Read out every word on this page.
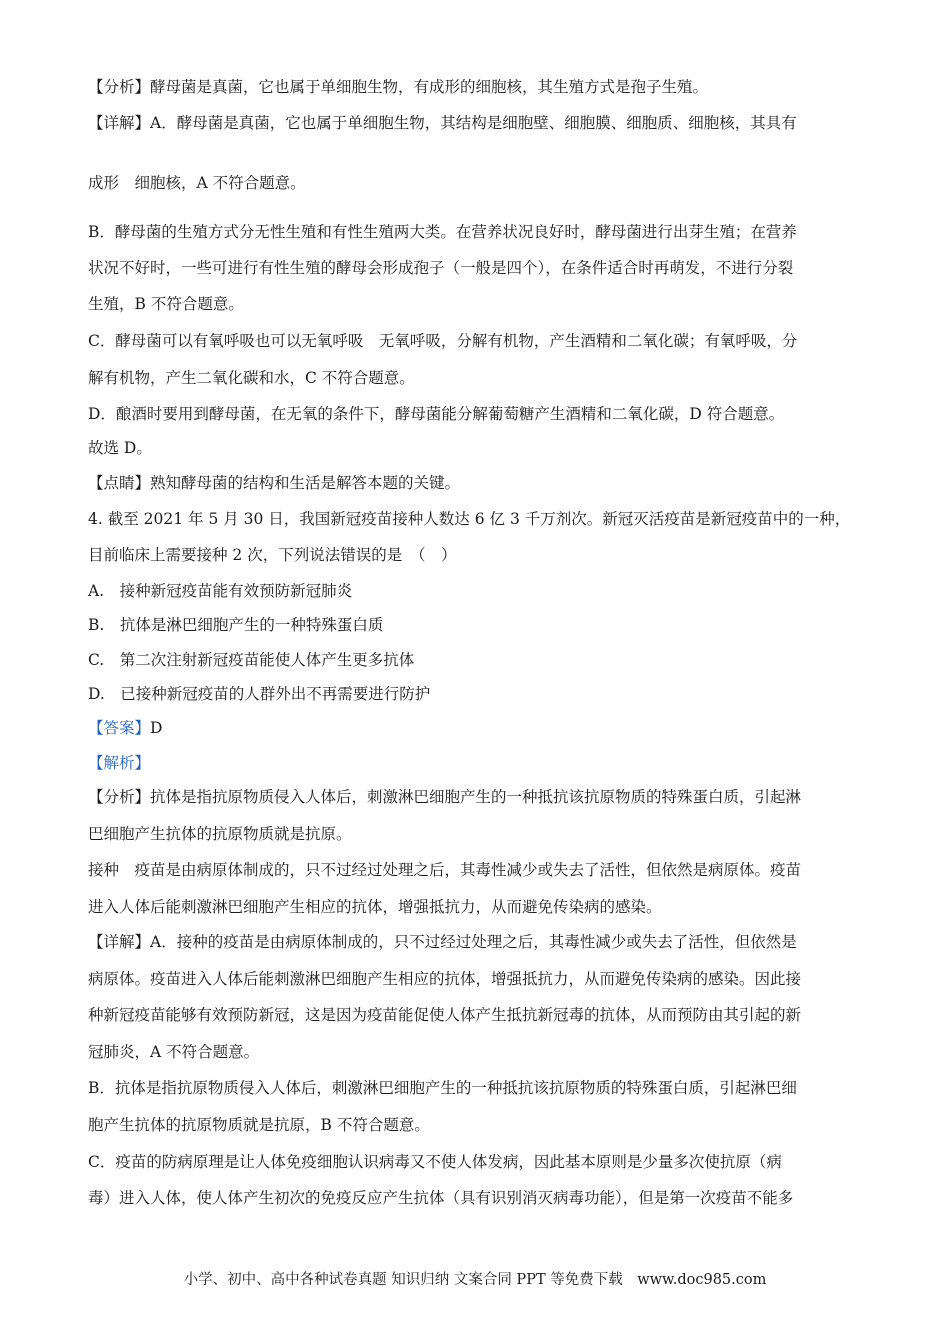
【分析】酵母菌是真菌，它也属于单细胞生物，有成形的细胞核，其生殖方式是孢子生殖。
【详解】A．酵母菌是真菌，它也属于单细胞生物，其结构是细胞壁、细胞膜、细胞质、细胞核，其具有
成形　细胞核，A 不符合题意。
B．酵母菌的生殖方式分无性生殖和有性生殖两大类。在营养状况良好时，酵母菌进行出芽生殖；在营养
状况不好时，一些可进行有性生殖的酵母会形成孢子（一般是四个），在条件适合时再萌发，不进行分裂
生殖，B 不符合题意。
C．酵母菌可以有氧呼吸也可以无氧呼吸　无氧呼吸，分解有机物，产生酒精和二氧化碳；有氧呼吸，分
解有机物，产生二氧化碳和水，C 不符合题意。
D．酿酒时要用到酵母菌，在无氧的条件下，酵母菌能分解葡萄糖产生酒精和二氧化碳，D 符合题意。
故选 D。
【点睛】熟知酵母菌的结构和生活是解答本题的关键。
4. 截至 2021 年 5 月 30 日，我国新冠疫苗接种人数达 6 亿 3 千万剂次。新冠灭活疫苗是新冠疫苗中的一种，
目前临床上需要接种 2 次，下列说法错误的是　（　）
A.　接种新冠疫苗能有效预防新冠肺炎
B.　抗体是淋巴细胞产生的一种特殊蛋白质
C.　第二次注射新冠疫苗能使人体产生更多抗体
D.　已接种新冠疫苗的人群外出不再需要进行防护
【答案】D
【解析】
【分析】抗体是指抗原物质侵入人体后，刺激淋巴细胞产生的一种抵抗该抗原物质的特殊蛋白质，引起淋
巴细胞产生抗体的抗原物质就是抗原。
接种　疫苗是由病原体制成的，只不过经过处理之后，其毒性减少或失去了活性，但依然是病原体。疫苗
进入人体后能刺激淋巴细胞产生相应的抗体，增强抵抗力，从而避免传染病的感染。
【详解】A．接种的疫苗是由病原体制成的，只不过经过处理之后，其毒性减少或失去了活性，但依然是
病原体。疫苗进入人体后能刺激淋巴细胞产生相应的抗体，增强抵抗力，从而避免传染病的感染。因此接
种新冠疫苗能够有效预防新冠，这是因为疫苗能促使人体产生抵抗新冠毒的抗体，从而预防由其引起的新
冠肺炎，A 不符合题意。
B．抗体是指抗原物质侵入人体后，刺激淋巴细胞产生的一种抵抗该抗原物质的特殊蛋白质，引起淋巴细
胞产生抗体的抗原物质就是抗原，B 不符合题意。
C．疫苗的防病原理是让人体免疫细胞认识病毒又不使人体发病，因此基本原则是少量多次使抗原（病
毒）进入人体，使人体产生初次的免疫反应产生抗体（具有识别消灭病毒功能），但是第一次疫苗不能多
小学、初中、高中各种试卷真题 知识归纳 文案合同 PPT 等免费下载　www.doc985.com
